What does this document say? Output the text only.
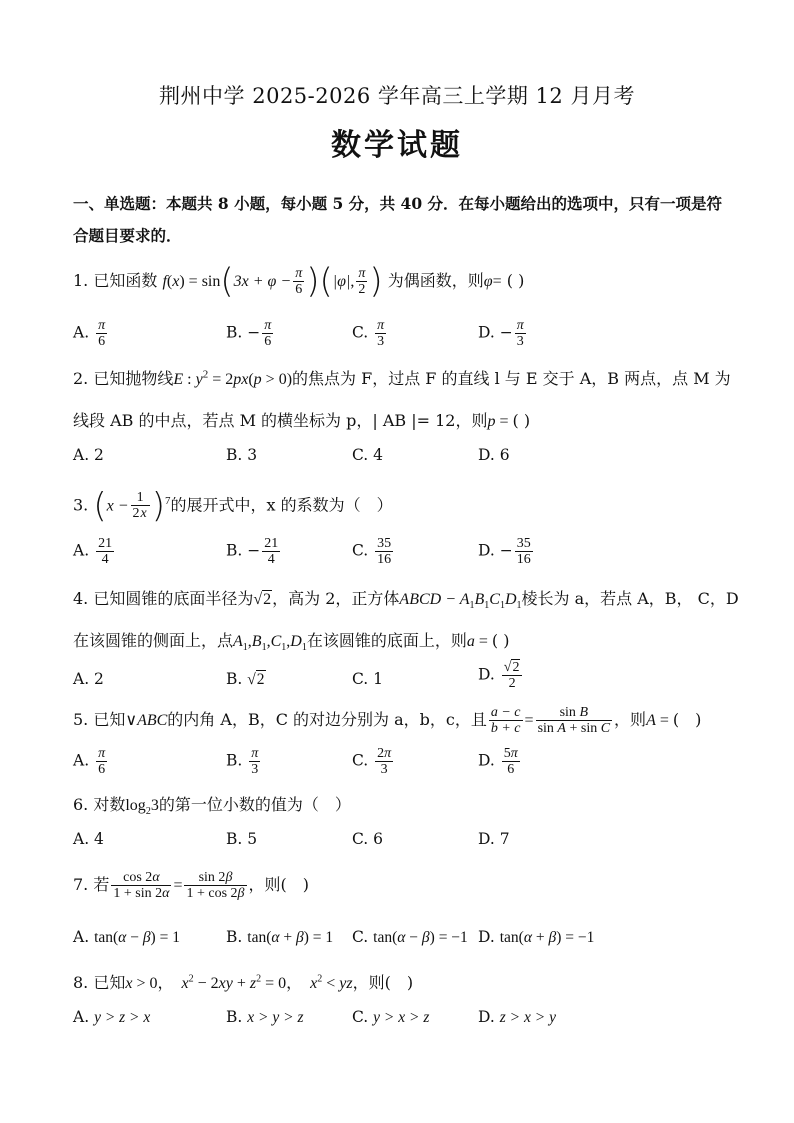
荆州中学 2025-2026 学年高三上学期 12 月月考
数学试题
一、单选题：本题共 8 小题，每小题 5 分，共 40 分．在每小题给出的选项中，只有一项是符
合题目要求的．
1. 已知函数 $f(x) = \sin(3x + \varphi - \frac{\pi}{6} )(|\varphi|$, $\frac{\pi}{2}$ ) 为偶函数，则φ= ( )
A. $\frac{\pi}{6}$	B. − $\frac{\pi}{6}$	C. $\frac{\pi}{3}$	D. − $\frac{\pi}{3}$
2. 已知抛物线E : $y^2 = 2px(p > 0)$的焦点为 F，过点 F 的直线 l 与 E 交于 A，B 两点，点 M 为
线段 AB 的中点，若点 M 的横坐标为 p，| AB |= 12，则p = ( )
A. 2	B. 3	C. 4	D. 6
3. $(x - \frac{1}{2x} )^7$的展开式中，x 的系数为（　）
A. $\frac{21}{4}$	B. − $\frac{21}{4}$	C. $\frac{35}{16}$	D. − $\frac{35}{16}$
4. 已知圆锥的底面半径为√2，高为 2，正方体ABCD − $A_1B_1C_1D_1$棱长为 a，若点 A，B， C，D
在该圆锥的侧面上，点$A_1,B_1,C_1,D_1$在该圆锥的底面上，则a = ( )
A. 2	B. √2	C. 1	D. $\frac{√2}{2}$
5. 已知∨ABC的内角 A，B，C 的对边分别为 a，b，c，且 $\frac{a - c}{b + c} = \frac{\text{sin B}}{\text{sin A + sin C}}$ ，则A = (　)
A. $\frac{\pi}{6}$	B. $\frac{\pi}{3}$	C. $\frac{2\pi}{3}$	D. $\frac{5\pi}{6}$
6. 对数$\log_23$的第一位小数的值为（　）
A. 4	B. 5	C. 6	D. 7
7. 若 $\frac{\cos 2\alpha}{1 + \sin 2\alpha} = \frac{\sin 2\beta}{1 + \cos 2\beta}$ ，则(　)
A. tan(α − β) = 1	B. tan(α + β) = 1 C. tan(α − β) = −1 D. tan(α + β) = −1
8. 已知x > 0，　$x^2 - 2xy + z^2 = 0$，　$x^2$ < yz，则(　)
A. y > z > x	B. x > y > z	C. y > x > z	D. z > x > y
